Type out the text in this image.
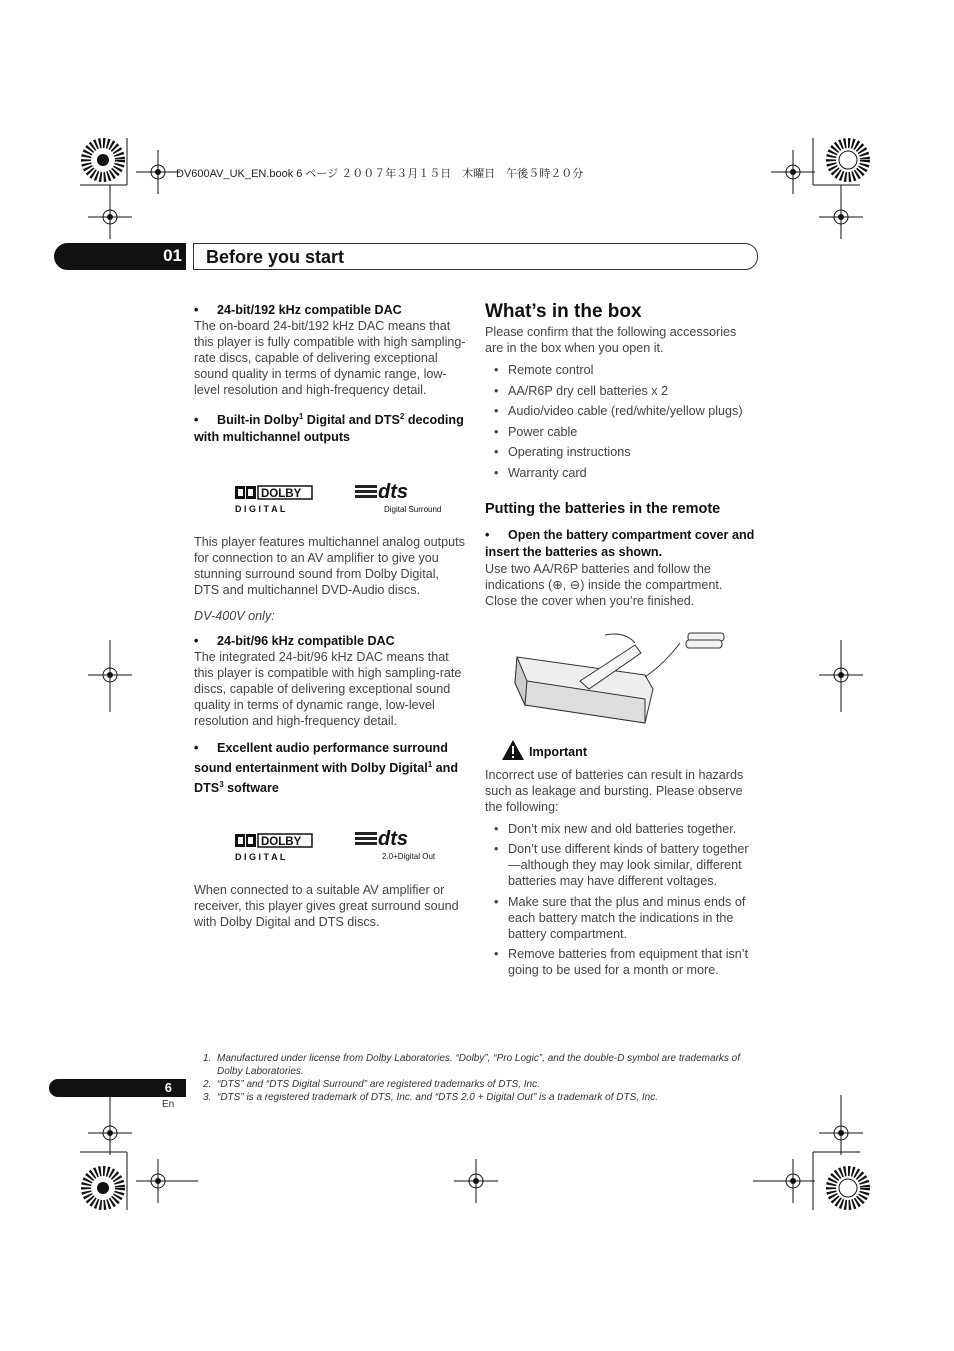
DV600AV_UK_EN.book 6 ページ ２００７年３月１５日　木曜日　午後５時２０分
01 Before you start

• 24-bit/192 kHz compatible DAC

The on-board 24-bit/192 kHz DAC means that this player is fully compatible with high sampling-rate discs, capable of delivering exceptional sound quality in terms of dynamic range, low-level resolution and high-frequency detail.

• Built-in Dolby$^1$ Digital and DTS$^2$ decoding with multichannel outputs

DOLBY
D I G I T A L
dts
Digital Surround

This player features multichannel analog outputs for connection to an AV amplifier to give you stunning surround sound from Dolby Digital, DTS and multichannel DVD-Audio discs.

DV-400V only:

• 24-bit/96 kHz compatible DAC

The integrated 24-bit/96 kHz DAC means that this player is compatible with high sampling-rate discs, capable of delivering exceptional sound quality in terms of dynamic range, low-level resolution and high-frequency detail.

• Excellent audio performance surround sound entertainment with Dolby Digital$^1$ and DTS$^3$ software

DOLBY
D I G I T A L
dts
2.0+Digital Out

When connected to a suitable AV amplifier or receiver, this player gives great surround sound with Dolby Digital and DTS discs.

What’s in the box

Please confirm that the following accessories are in the box when you open it.

• Remote control
• AA/R6P dry cell batteries x 2
• Audio/video cable (red/white/yellow plugs)
• Power cable
• Operating instructions
• Warranty card

Putting the batteries in the remote

• Open the battery compartment cover and insert the batteries as shown.

Use two AA/R6P batteries and follow the indications (⊕, ⊖) inside the compartment. Close the cover when you’re finished.

Important

Incorrect use of batteries can result in hazards such as leakage and bursting. Please observe the following:

• Don’t mix new and old batteries together.
• Don’t use different kinds of battery together—although they may look similar, different batteries may have different voltages.
• Make sure that the plus and minus ends of each battery match the indications in the battery compartment.
• Remove batteries from equipment that isn’t going to be used for a month or more.
1. Manufactured under license from Dolby Laboratories. “Dolby”, “Pro Logic”, and the double-D symbol are trademarks of Dolby Laboratories.
2. “DTS” and “DTS Digital Surround” are registered trademarks of DTS, Inc.
3. “DTS” is a registered trademark of DTS, Inc. and “DTS 2.0 + Digital Out” is a trademark of DTS, Inc.
6
En
